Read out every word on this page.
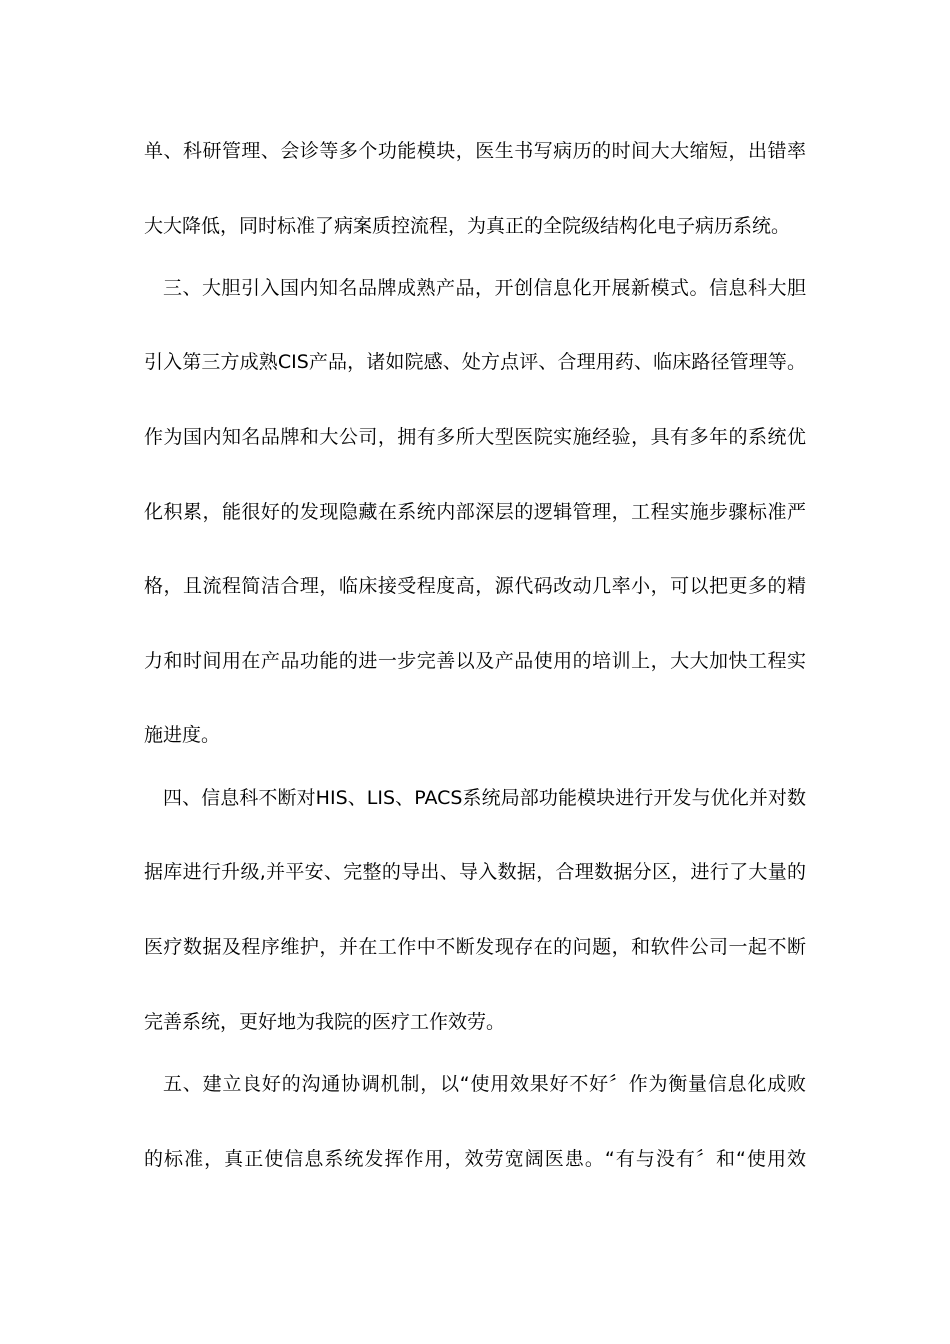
单、科研管理、会诊等多个功能模块，医生书写病历的时间大大缩短，出错率
大大降低，同时标准了病案质控流程，为真正的全院级结构化电子病历系统。
三、大胆引入国内知名品牌成熟产品，开创信息化开展新模式。信息科大胆
引入第三方成熟CIS产品，诸如院感、处方点评、合理用药、临床路径管理等。
作为国内知名品牌和大公司，拥有多所大型医院实施经验，具有多年的系统优
化积累，能很好的发现隐藏在系统内部深层的逻辑管理，工程实施步骤标准严
格，且流程简洁合理，临床接受程度高，源代码改动几率小，可以把更多的精
力和时间用在产品功能的进一步完善以及产品使用的培训上，大大加快工程实
施进度。
四、信息科不断对HIS、LIS、PACS系统局部功能模块进行开发与优化并对数
据库进行升级,并平安、完整的导出、导入数据，合理数据分区，进行了大量的
医疗数据及程序维护，并在工作中不断发现存在的问题，和软件公司一起不断
完善系统，更好地为我院的医疗工作效劳。
五、建立良好的沟通协调机制，以“使用效果好不好〞作为衡量信息化成败
的标准，真正使信息系统发挥作用，效劳宽阔医患。“有与没有〞和“使用效
